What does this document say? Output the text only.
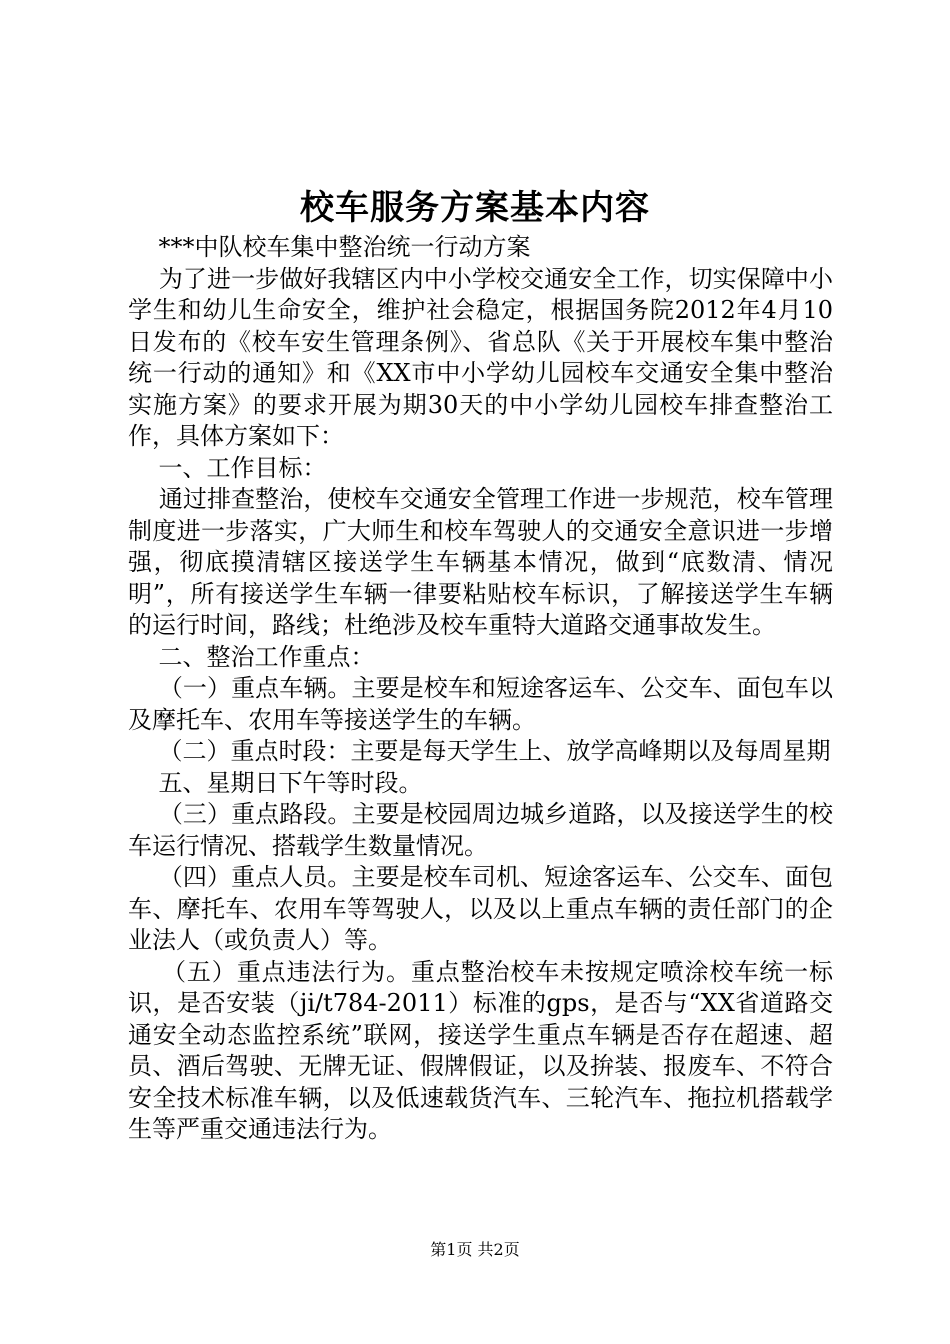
校车服务方案基本内容

***中队校车集中整治统一行动方案

为了进一步做好我辖区内中小学校交通安全工作，切实保障中小学生和幼儿生命安全，维护社会稳定，根据国务院2012年4月10日发布的《校车安生管理条例》、省总队《关于开展校车集中整治统一行动的通知》和《XX市中小学幼儿园校车交通安全集中整治实施方案》的要求开展为期30天的中小学幼儿园校车排查整治工作，具体方案如下：

一、工作目标：

通过排查整治，使校车交通安全管理工作进一步规范，校车管理制度进一步落实，广大师生和校车驾驶人的交通安全意识进一步增强，彻底摸清辖区接送学生车辆基本情况，做到“底数清、情况明”，所有接送学生车辆一律要粘贴校车标识，了解接送学生车辆的运行时间，路线；杜绝涉及校车重特大道路交通事故发生。

二、整治工作重点：

（一）重点车辆。主要是校车和短途客运车、公交车、面包车以及摩托车、农用车等接送学生的车辆。

（二）重点时段：主要是每天学生上、放学高峰期以及每周星期

五、星期日下午等时段。

（三）重点路段。主要是校园周边城乡道路，以及接送学生的校车运行情况、搭载学生数量情况。

（四）重点人员。主要是校车司机、短途客运车、公交车、面包车、摩托车、农用车等驾驶人，以及以上重点车辆的责任部门的企业法人（或负责人）等。

（五）重点违法行为。重点整治校车未按规定喷涂校车统一标识，是否安装（ji/t784-2011）标准的gps，是否与“XX省道路交通安全动态监控系统”联网，接送学生重点车辆是否存在超速、超员、酒后驾驶、无牌无证、假牌假证，以及拚装、报废车、不符合安全技术标准车辆，以及低速载货汽车、三轮汽车、拖拉机搭载学生等严重交通违法行为。

第1页 共2页
